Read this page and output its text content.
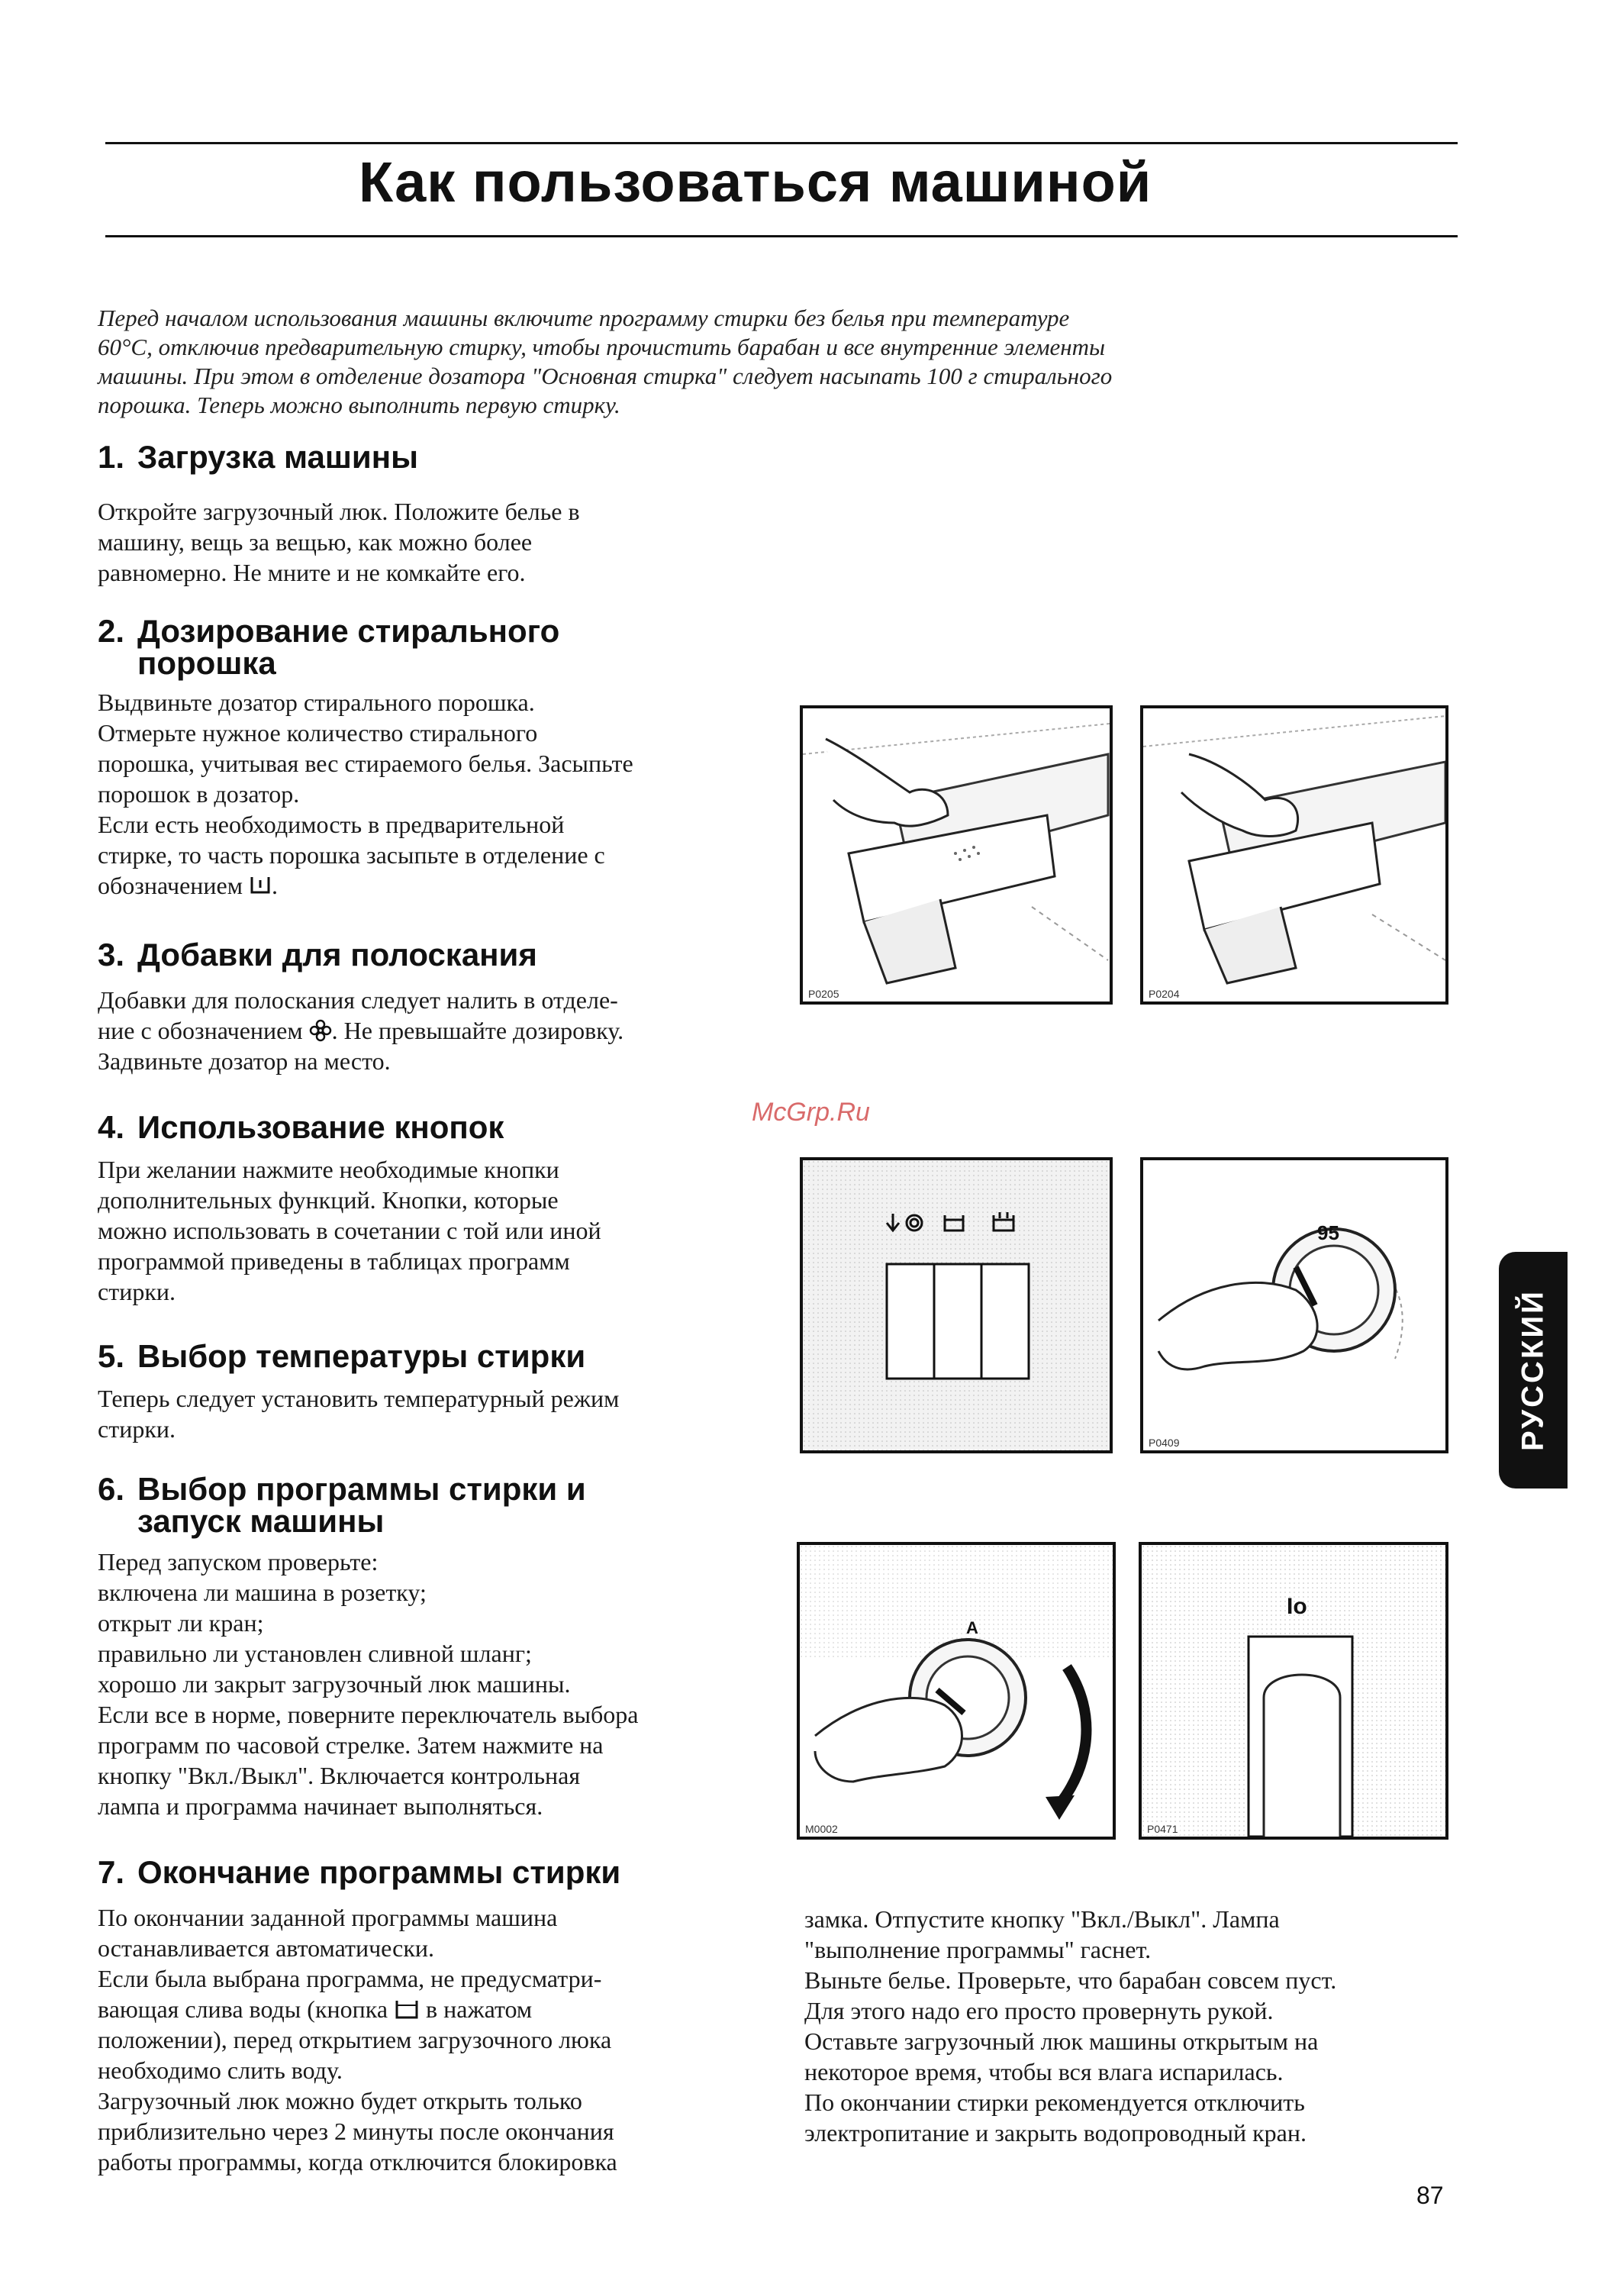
Как пользоваться машиной
Перед началом использования машины включите программу стирки без белья при температуре
60°С, отключив предварительную стирку, чтобы прочистить барабан и все внутренние элементы
машины. При этом в отделение дозатора "Основная стирка" следует насыпать 100 г стирального
порошка. Теперь можно выполнить первую стирку.
1. Загрузка машины
Откройте загрузочный люк. Положите белье в
машину, вещь за вещью, как можно более
равномерно. Не мните и не комкайте его.
2. Дозирование стирального
порошка
Выдвиньте дозатор стирального порошка.
Отмерьте нужное количество стирального
порошка, учитывая вес стираемого белья. Засыпьте
порошок в дозатор.
Если есть необходимость в предварительной
стирке, то часть порошка засыпьте в отделение с
обозначением .
3. Добавки для полоскания
Добавки для полоскания следует налить в отделе-
ние с обозначением . Не превышайте дозировку.
Задвиньте дозатор на место.
4. Использование кнопок
При желании нажмите необходимые кнопки
дополнительных функций. Кнопки, которые
можно использовать в сочетании с той или иной
программой приведены в таблицах программ
стирки.
5. Выбор температуры стирки
Теперь следует установить температурный режим
стирки.
6. Выбор программы стирки и
запуск машины
Перед запуском проверьте:
включена ли машина в розетку;
открыт ли кран;
правильно ли установлен сливной шланг;
хорошо ли закрыт загрузочный люк машины.
Если все в норме, поверните переключатель выбора
программ по часовой стрелке. Затем нажмите на
кнопку "Вкл./Выкл". Включается контрольная
лампа и программа начинает выполняться.
7. Окончание программы стирки
По окончании заданной программы машина
останавливается автоматически.
Если была выбрана программа, не предусматри-
вающая слива воды (кнопка  в нажатом
положении), перед открытием загрузочного люка
необходимо слить воду.
Загрузочный люк можно будет открыть только
приблизительно через 2 минуты после окончания
работы программы, когда отключится блокировка
замка. Отпустите кнопку "Вкл./Выкл". Лампа
"выполнение программы" гаснет.
Выньте белье. Проверьте, что барабан совсем пуст.
Для этого надо его просто провернуть рукой.
Оставьте загрузочный люк машины открытым на
некоторое время, чтобы вся влага испарилась.
По окончании стирки рекомендуется отключить
электропитание и закрыть водопроводный кран.
P0205	P0204
95
P0409
A
M0002
Io
P0471
McGrp.Ru
РУССКИЙ
87
